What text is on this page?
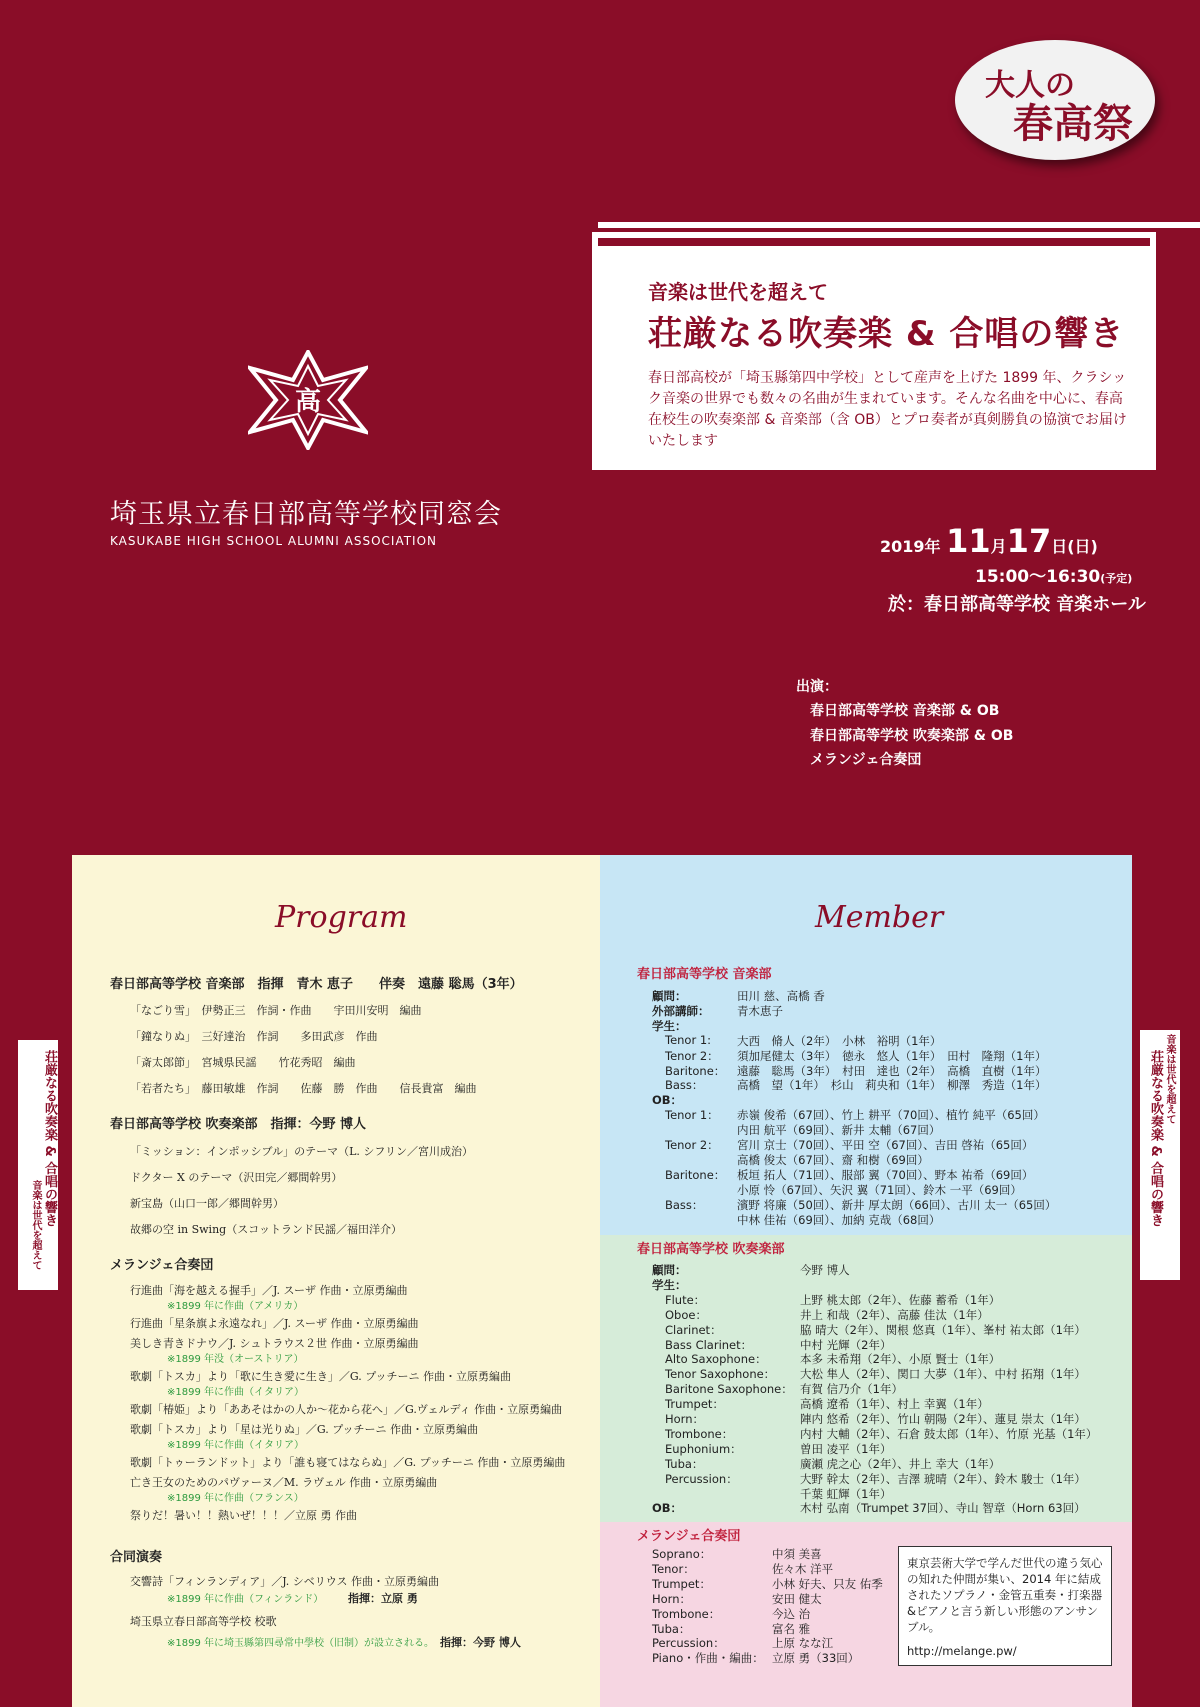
大人の
春高祭
音楽は世代を超えて
荘厳なる吹奏楽 & 合唱の響き
春日部高校が「埼玉縣第四中学校」として産声を上げた 1899 年、クラシック音楽の世界でも数々の名曲が生まれています。そんな名曲を中心に、春高在校生の吹奏楽部 & 音楽部（含 OB）とプロ奏者が真剣勝負の協演でお届けいたします
高
埼玉県立春日部高等学校同窓会
KASUKABE HIGH SCHOOL ALUMNI ASSOCIATION	2019年 11月17日(日)
15:00～16:30(予定)
於：春日部高等学校 音楽ホール
出演：
春日部高等学校 音楽部 & OB
春日部高等学校 吹奏楽部 & OB
メランジェ合奏団
音楽は世代を超えて 荘厳なる吹奏楽 & 合唱の響き	音楽は世代を超えて
荘厳なる吹奏楽 & 合唱の響き
Program	Member
春日部高等学校 音楽部　指揮　青木 恵子　　伴奏　遠藤 聡馬（3年）
「なごり雪」　伊勢正三　作詞・作曲　　宇田川安明　編曲
「鐘なりぬ」　三好達治　作詞　　多田武彦　作曲
「斎太郎節」　宮城県民謡　　竹花秀昭　編曲
「若者たち」　藤田敏雄　作詞　　佐藤　勝　作曲　　信長貴富　編曲
春日部高等学校 吹奏楽部　指揮：今野 博人
「ミッション：インポッシブル」のテーマ（L. シフリン／宮川成治）
ドクター X のテーマ（沢田完／郷間幹男）
新宝島（山口一郎／郷間幹男）
故郷の空 in Swing（スコットランド民謡／福田洋介）
メランジェ合奏団
行進曲「海を越える握手」／J. スーザ 作曲・立原勇編曲
※1899 年に作曲（アメリカ）
行進曲「星条旗よ永遠なれ」／J. スーザ 作曲・立原勇編曲
美しき青きドナウ／J. シュトラウス２世 作曲・立原勇編曲
※1899 年没（オーストリア）
歌劇「トスカ」より「歌に生き愛に生き」／G. プッチーニ 作曲・立原勇編曲
※1899 年に作曲（イタリア）
歌劇「椿姫」より「ああそはかの人か～花から花へ」／G.ヴェルディ 作曲・立原勇編曲
歌劇「トスカ」より「星は光りぬ」／G. プッチーニ 作曲・立原勇編曲
※1899 年に作曲（イタリア）
歌劇「トゥーランドット」より「誰も寝てはならぬ」／G. プッチーニ 作曲・立原勇編曲
亡き王女のためのパヴァーヌ／M. ラヴェル 作曲・立原勇編曲
※1899 年に作曲（フランス）
祭りだ！暑い！！熱いぜ！！！／立原 勇 作曲
合同演奏
交響詩「フィンランディア」／J. シベリウス 作曲・立原勇編曲
※1899 年に作曲（フィンランド） 指揮：立原 勇
埼玉県立春日部高等学校 校歌
※1899 年に埼玉縣第四尋常中學校（旧制）が設立される。 指揮：今野 博人
春日部高等学校 音楽部
顧問：	田川 慈、高橋 香
外部講師： 青木恵子
学生：
Tenor 1: 大西　脩人（2年）　小林　裕明（1年）
Tenor 2： 須加尾健太（3年）　徳永　悠人（1年）　田村　隆翔（1年）
Baritone： 遠藤　聡馬（3年）　村田　達也（2年）　高橋　直樹（1年）
Bass：	高橋　望（1年）　杉山　莉央和（1年）　柳澤　秀造（1年）
OB：
Tenor 1： 赤嶺 俊希（67回）、竹上 耕平（70回）、植竹 純平（65回）
内田 航平（69回）、新井 太輔（67回）
Tenor 2： 宮川 京士（70回）、平田 空（67回）、吉田 啓祐（65回）
高橋 俊太（67回）、齋 和樹（69回）
Baritone： 板垣 拓人（71回）、服部 翼（70回）、野本 祐希（69回）
小原 怜（67回）、矢沢 翼（71回）、鈴木 一平（69回）
Bass：	濱野 将廉（50回）、新井 厚太朗（66回）、古川 太一（65回）
中林 佳祐（69回）、加納 克哉（68回）
春日部高等学校 吹奏楽部
顧問：	今野 博人
学生：
Flute：	上野 桃太郎（2年）、佐藤 蓄希（1年）
Oboe：	井上 和哉（2年）、高藤 佳汰（1年）
Clarinet：	脇 晴大（2年）、関根 悠真（1年）、峯村 祐太郎（1年）
Bass Clarinet：	中村 光輝（2年）
Alto Saxophone：	本多 未希翔（2年）、小原 賢士（1年）
Tenor Saxophone： 大松 隼人（2年）、関口 大夢（1年）、中村 拓翔（1年）
Baritone Saxophone： 有賀 信乃介（1年）
Trumpet：	高橋 遼希（1年）、村上 幸翼（1年）
Horn：	陣内 悠希（2年）、竹山 朝陽（2年）、蓮見 崇太（1年）
Trombone：	内村 大輔（2年）、石倉 鼓太郎（1年）、竹原 光基（1年）
Euphonium：	曽田 凌平（1年）
Tuba：	廣瀬 虎之心（2年）、井上 幸大（1年）
Percussion：	大野 幹太（2年）、吉澤 琥晴（2年）、鈴木 駿士（1年）
千葉 虹輝（1年）
OB：	木村 弘南（Trumpet 37回）、寺山 智章（Horn 63回）
メランジェ合奏団
Soprano：	中須 美喜
Tenor：	佐々木 洋平
Trumpet：	小林 好夫、只友 佑季
Horn：	安田 健太
Trombone：	今込 治
Tuba：	富名 雅
Percussion：	上原 なな江
Piano・作曲・編曲： 立原 勇（33回）
東京芸術大学で学んだ世代の違う気心の知れた仲間が集い、2014 年に結成されたソプラノ・金管五重奏・打楽器&ピアノと言う新しい形態のアンサンブル。
http://melange.pw/
